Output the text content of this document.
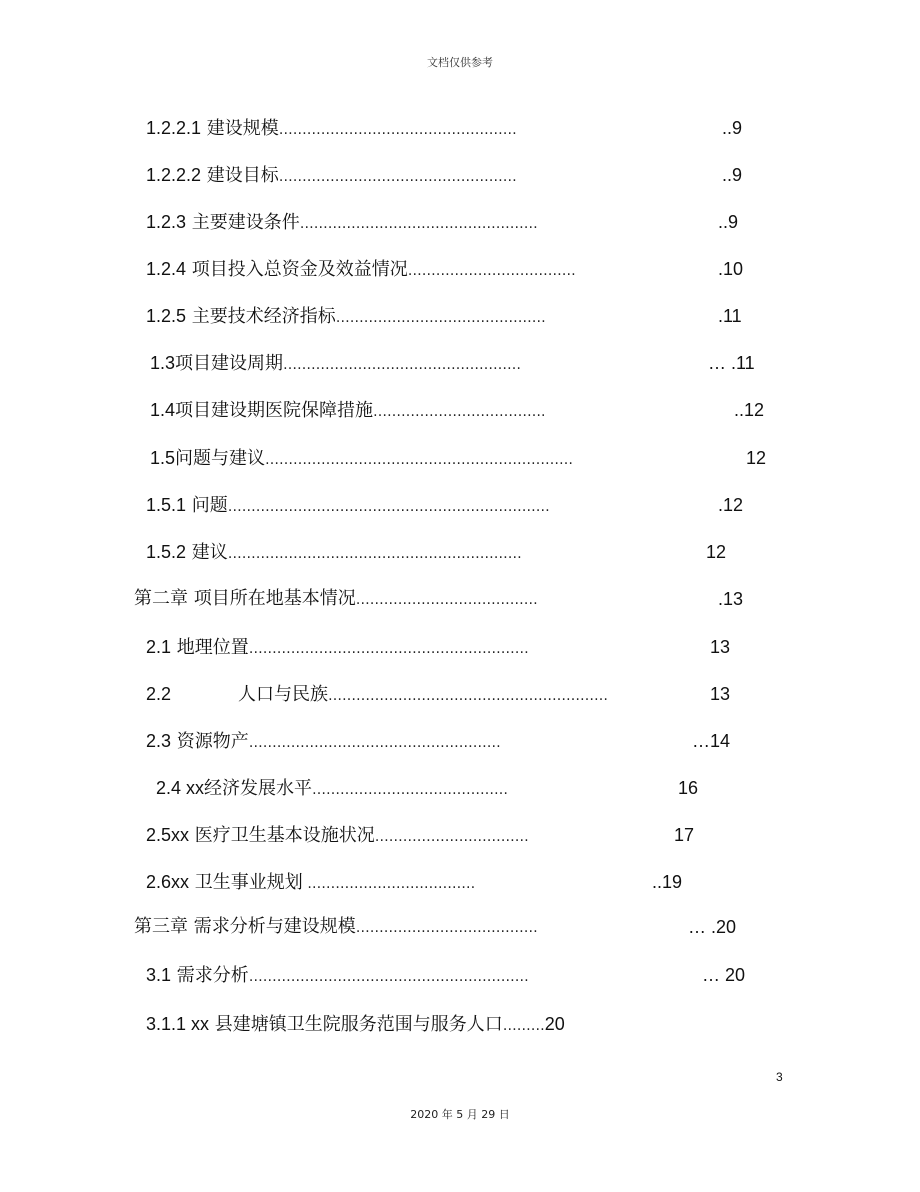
文档仅供参考
1.2.2.1 建设规模……………………………………………	..9
1.2.2.2 建设目标……………………………………………	..9
1.2.3 主要建设条件……………………………………………	..9
1.2.4 项目投入总资金及效益情况………………………………	.10
1.2.5 主要技术经济指标………………………………………	.11
1.3项目建设周期……………………………………………	… .11
1.4项目建设期医院保障措施……………………………….	..12
1.5问题与建议…………………………………………………………	12
1.5.1 问题……………………………………………………………	.12
1.5.2 建议………………………………………………………	12
第二章 项目所在地基本情况…………………………………	.13
2.1 地理位置……………………………………………………	13
2.2	人口与民族……………………………………………………	13
2.3 资源物产………………………………………………	…14
2.4 xx经济发展水平……………………………………	16
2.5xx 医疗卫生基本设施状况……………………………	17
2.6xx 卫生事业规划 ………………………………	..19
第三章 需求分析与建设规模…………………………………	… .20
3.1 需求分析……………………………………………………	… 20
3.1.1 xx 县建塘镇卫生院服务范围与服务人口………20
3
2020 年 5 月 29 日
